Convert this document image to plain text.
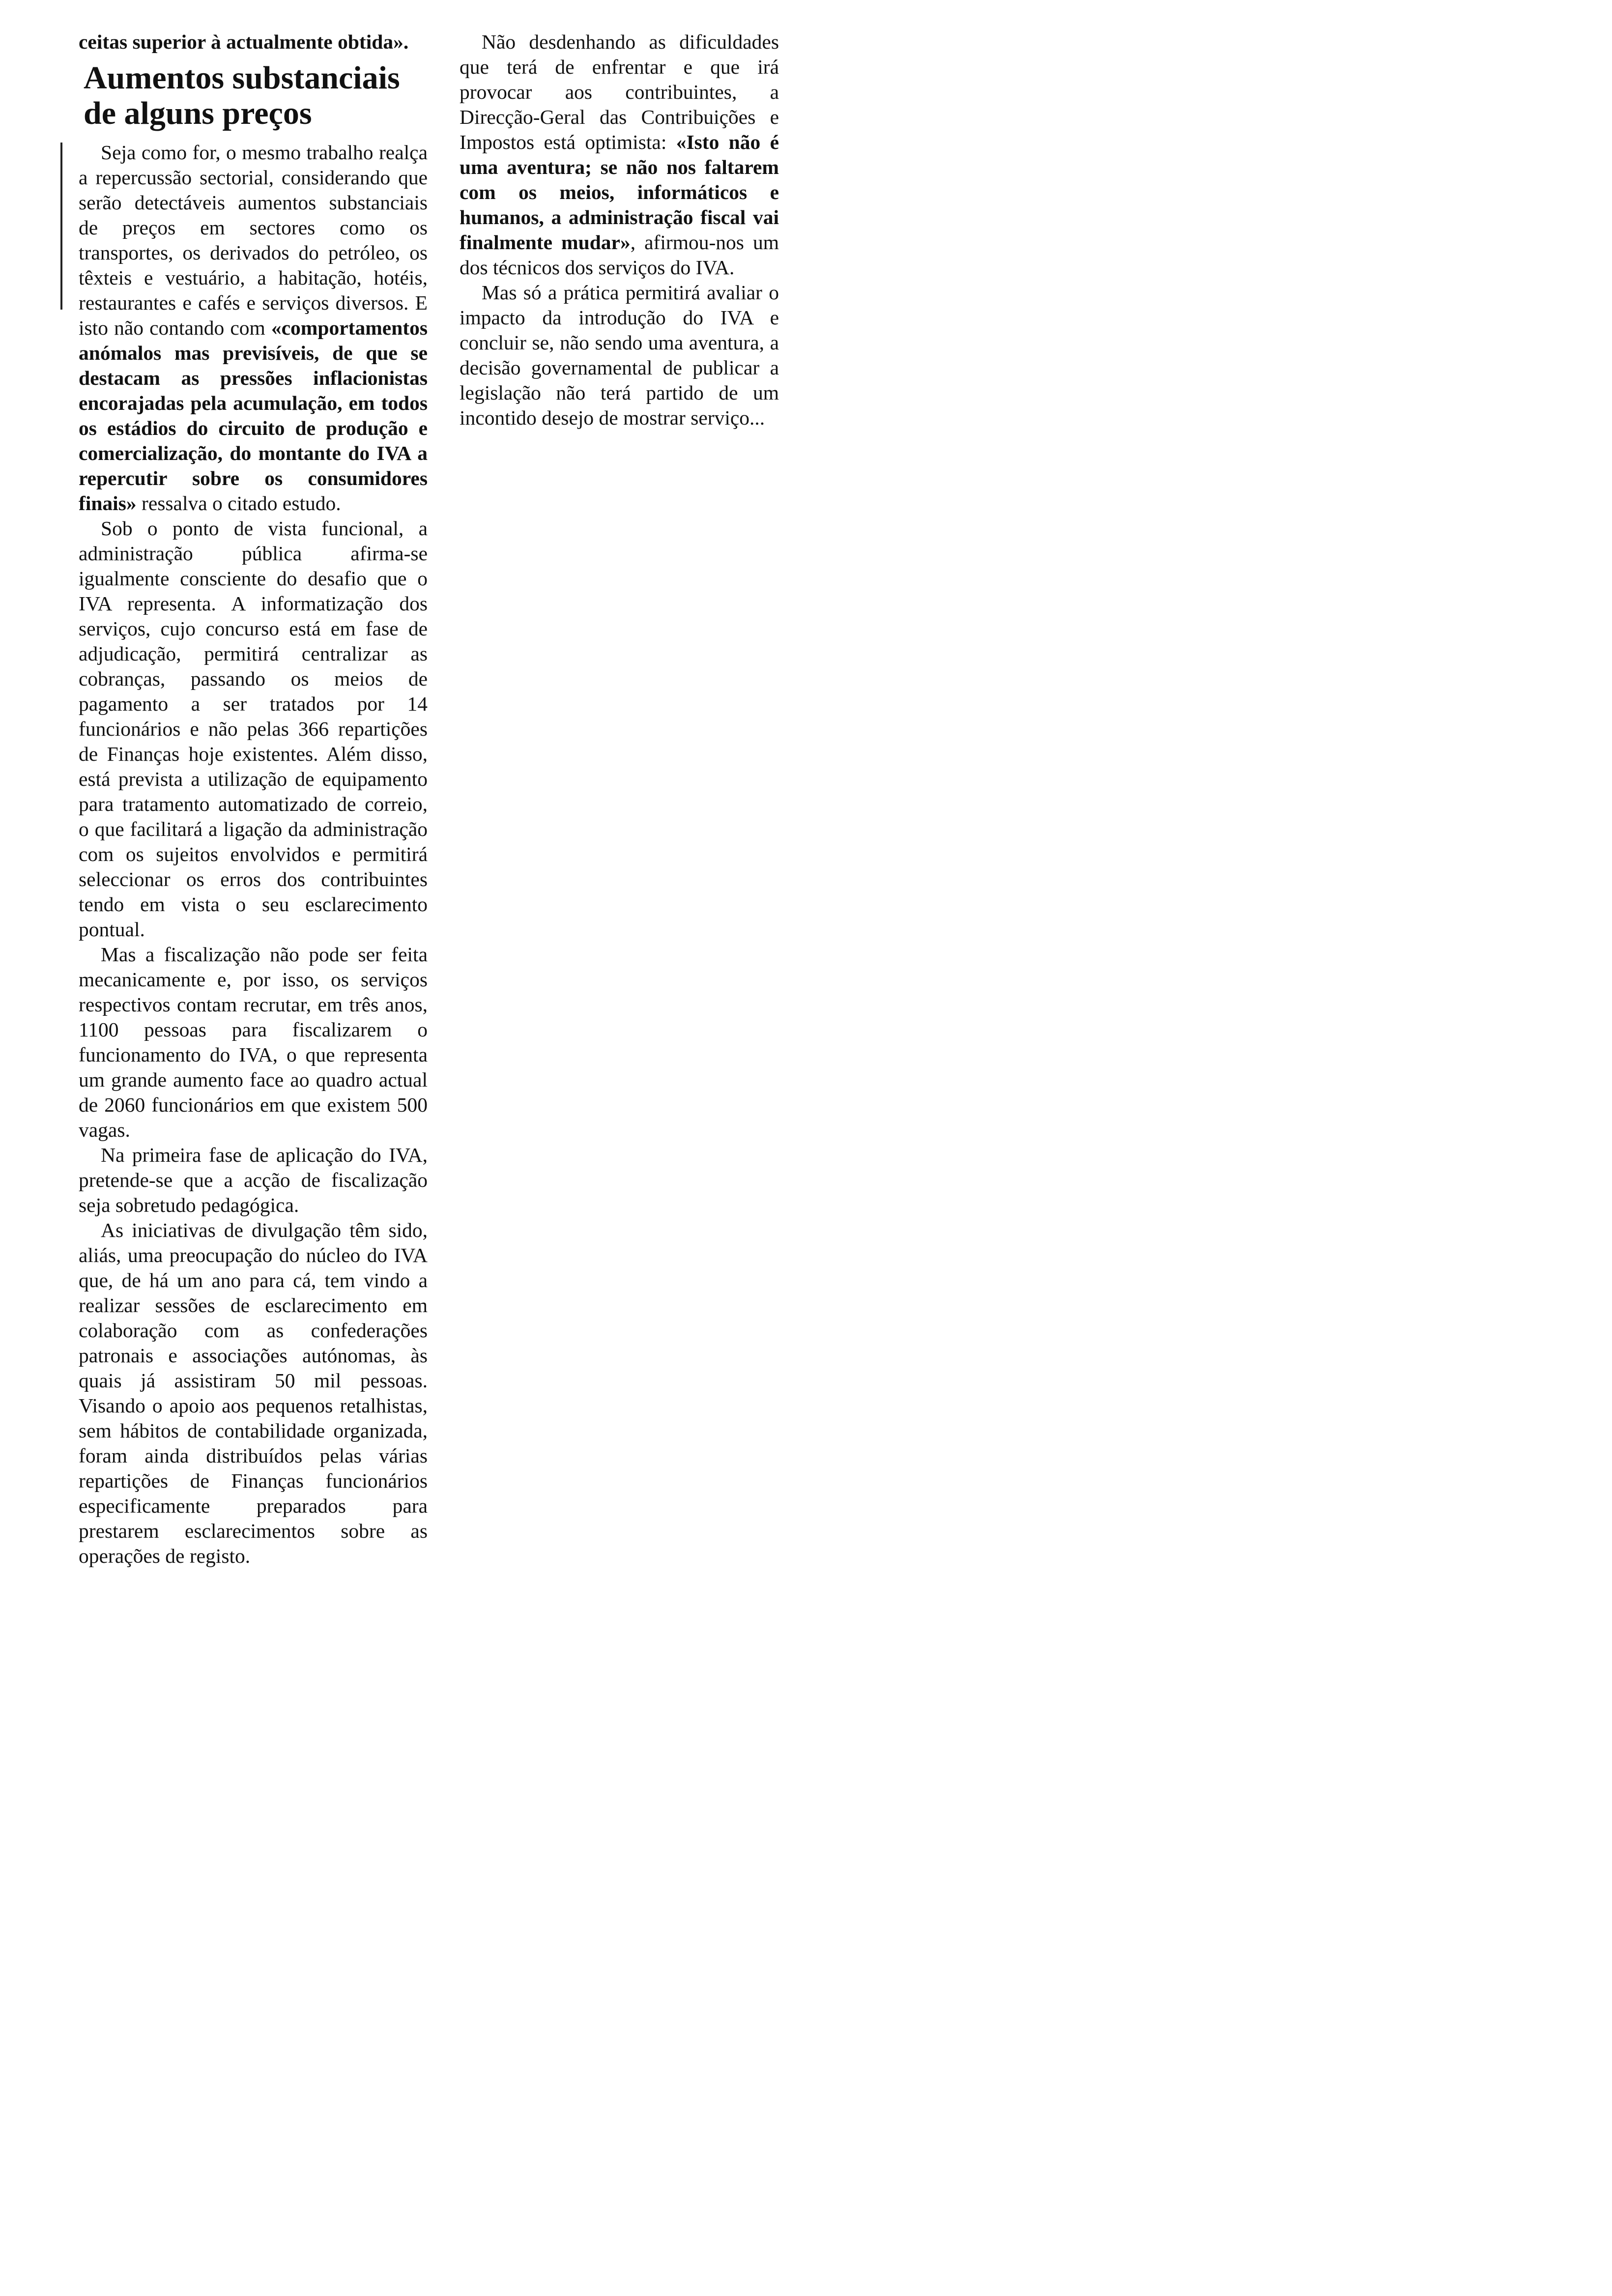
ceitas superior à actualmente obtida».

Aumentos substanciais
de alguns preços

Seja como for, o mesmo trabalho realça a repercussão sectorial, considerando que serão detectáveis aumentos substanciais de preços em sectores como os transportes, os derivados do petróleo, os têxteis e vestuário, a habitação, hotéis, restaurantes e cafés e serviços diversos. E isto não contando com «comportamentos anómalos mas previsíveis, de que se destacam as pressões inflacionistas encorajadas pela acumulação, em todos os estádios do circuito de produção e comercialização, do montante do IVA a repercutir sobre os consumidores finais» ressalva o citado estudo.

Sob o ponto de vista funcional, a administração pública afirma-se igualmente consciente do desafio que o IVA representa. A informatização dos serviços, cujo concurso está em fase de adjudicação, permitirá centralizar as cobranças, passando os meios de pagamento a ser tratados por 14 funcionários e não pelas 366 repartições de Finanças hoje existentes. Além disso, está prevista a utilização de equipamento para tratamento automatizado de correio, o que facilitará a ligação da administração com os sujeitos envolvidos e permitirá seleccionar os erros dos contribuintes tendo em vista o seu esclarecimento pontual.

Mas a fiscalização não pode ser feita mecanicamente e, por isso, os serviços respectivos contam recrutar, em três anos, 1100 pessoas para fiscalizarem o funcionamento do IVA, o que representa um grande aumento face ao quadro actual de 2060 funcionários em que existem 500 vagas.

Na primeira fase de aplicação do IVA, pretende-se que a acção de fiscalização seja sobretudo pedagógica.

As iniciativas de divulgação têm sido, aliás, uma preocupação do núcleo do IVA que, de há um ano para cá, tem vindo a realizar sessões de esclarecimento em colaboração com as confederações patronais e associações autónomas, às quais já assistiram 50 mil pessoas. Visando o apoio aos pequenos retalhistas, sem hábitos de contabilidade organizada, foram ainda distribuídos pelas várias repartições de Finanças funcionários especificamente preparados para prestarem esclarecimentos sobre as operações de registo.

Não desdenhando as dificuldades que terá de enfrentar e que irá provocar aos contribuintes, a Direcção-Geral das Contribuições e Impostos está optimista: «Isto não é uma aventura; se não nos faltarem com os meios, informáticos e humanos, a administração fiscal vai finalmente mudar», afirmou-nos um dos técnicos dos serviços do IVA.

Mas só a prática permitirá avaliar o impacto da introdução do IVA e concluir se, não sendo uma aventura, a decisão governamental de publicar a legislação não terá partido de um incontido desejo de mostrar serviço...
